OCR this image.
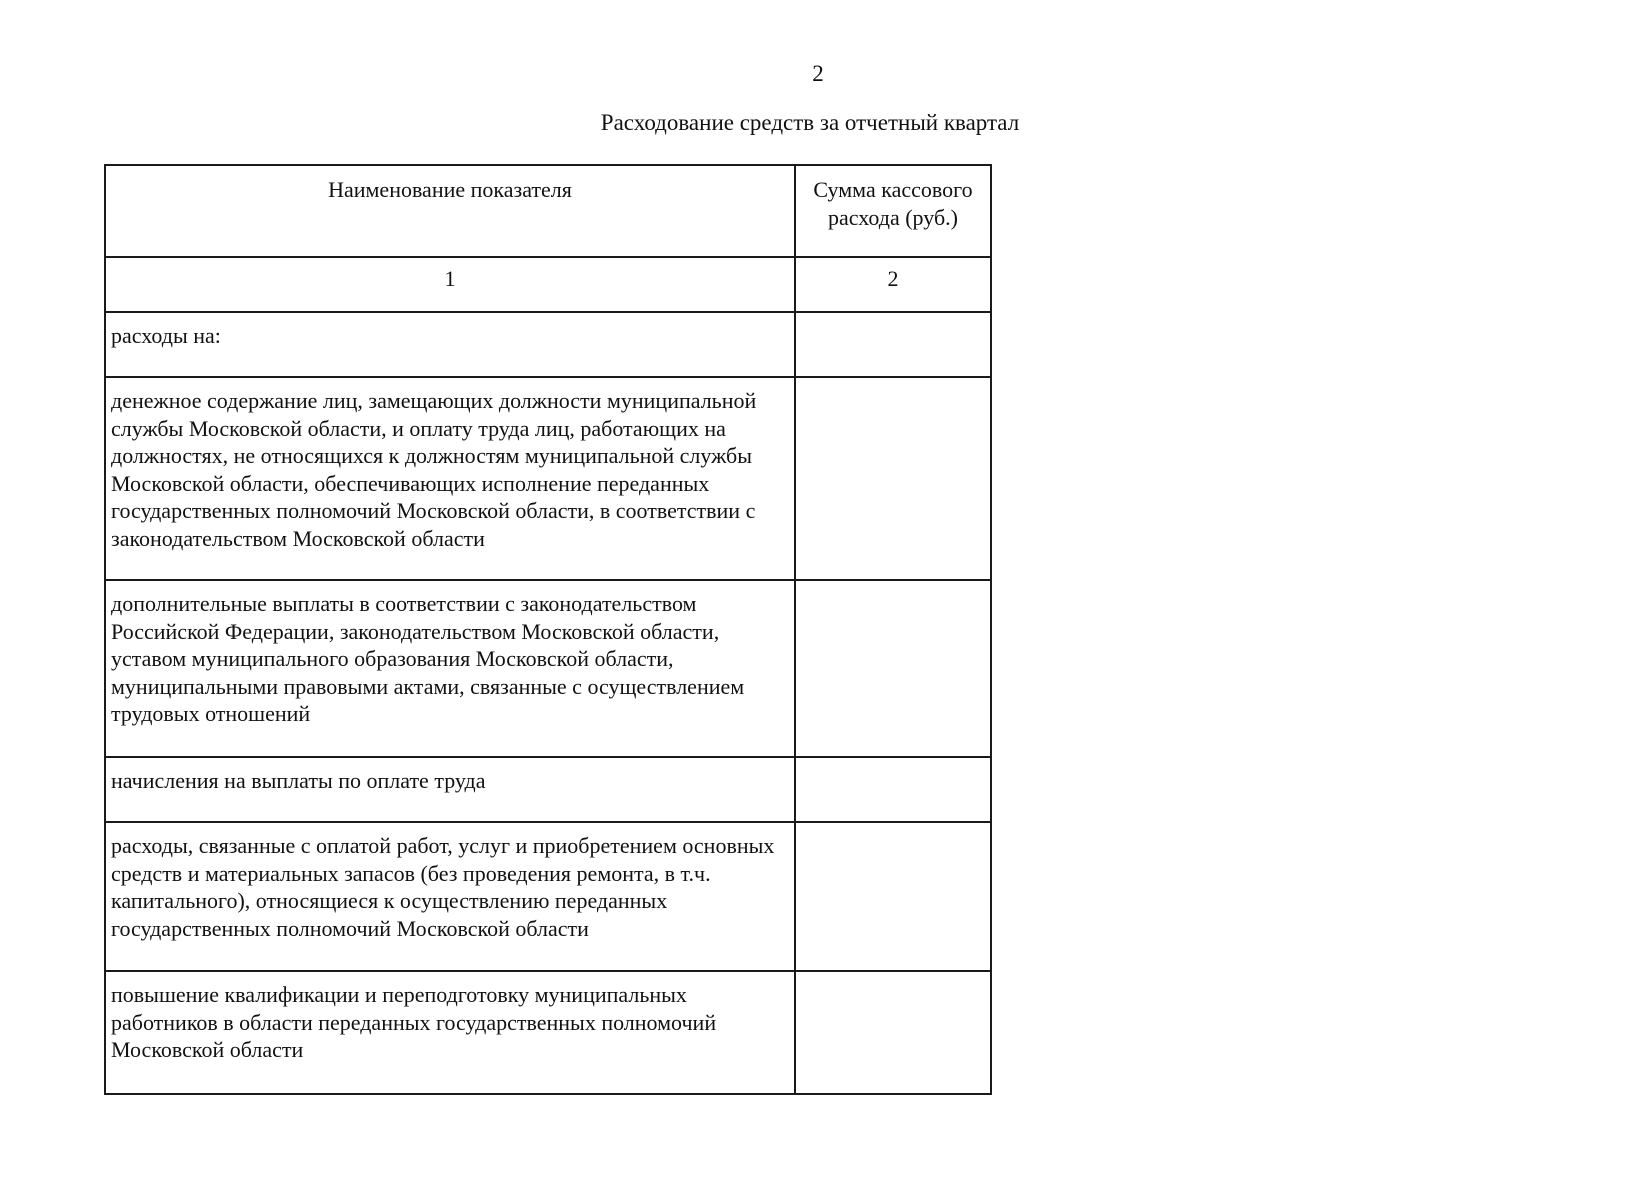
2
Расходование средств за отчетный квартал
Наименование показателя	Сумма кассового расхода (руб.)
1	2
расходы на:	
денежное содержание лиц, замещающих должности муниципальной службы Московской области, и оплату труда лиц, работающих на должностях, не относящихся к должностям муниципальной службы Московской области, обеспечивающих исполнение переданных государственных полномочий Московской области, в соответствии с законодательством Московской области	
дополнительные выплаты в соответствии с законодательством Российской Федерации, законодательством Московской области, уставом муниципального образования Московской области, муниципальными правовыми актами, связанные с осуществлением трудовых отношений	
начисления на выплаты по оплате труда	
расходы, связанные с оплатой работ, услуг и приобретением основных средств и материальных запасов (без проведения ремонта, в т.ч. капитального), относящиеся к осуществлению переданных государственных полномочий Московской области	
повышение квалификации и переподготовку муниципальных работников в области переданных государственных полномочий Московской области	
